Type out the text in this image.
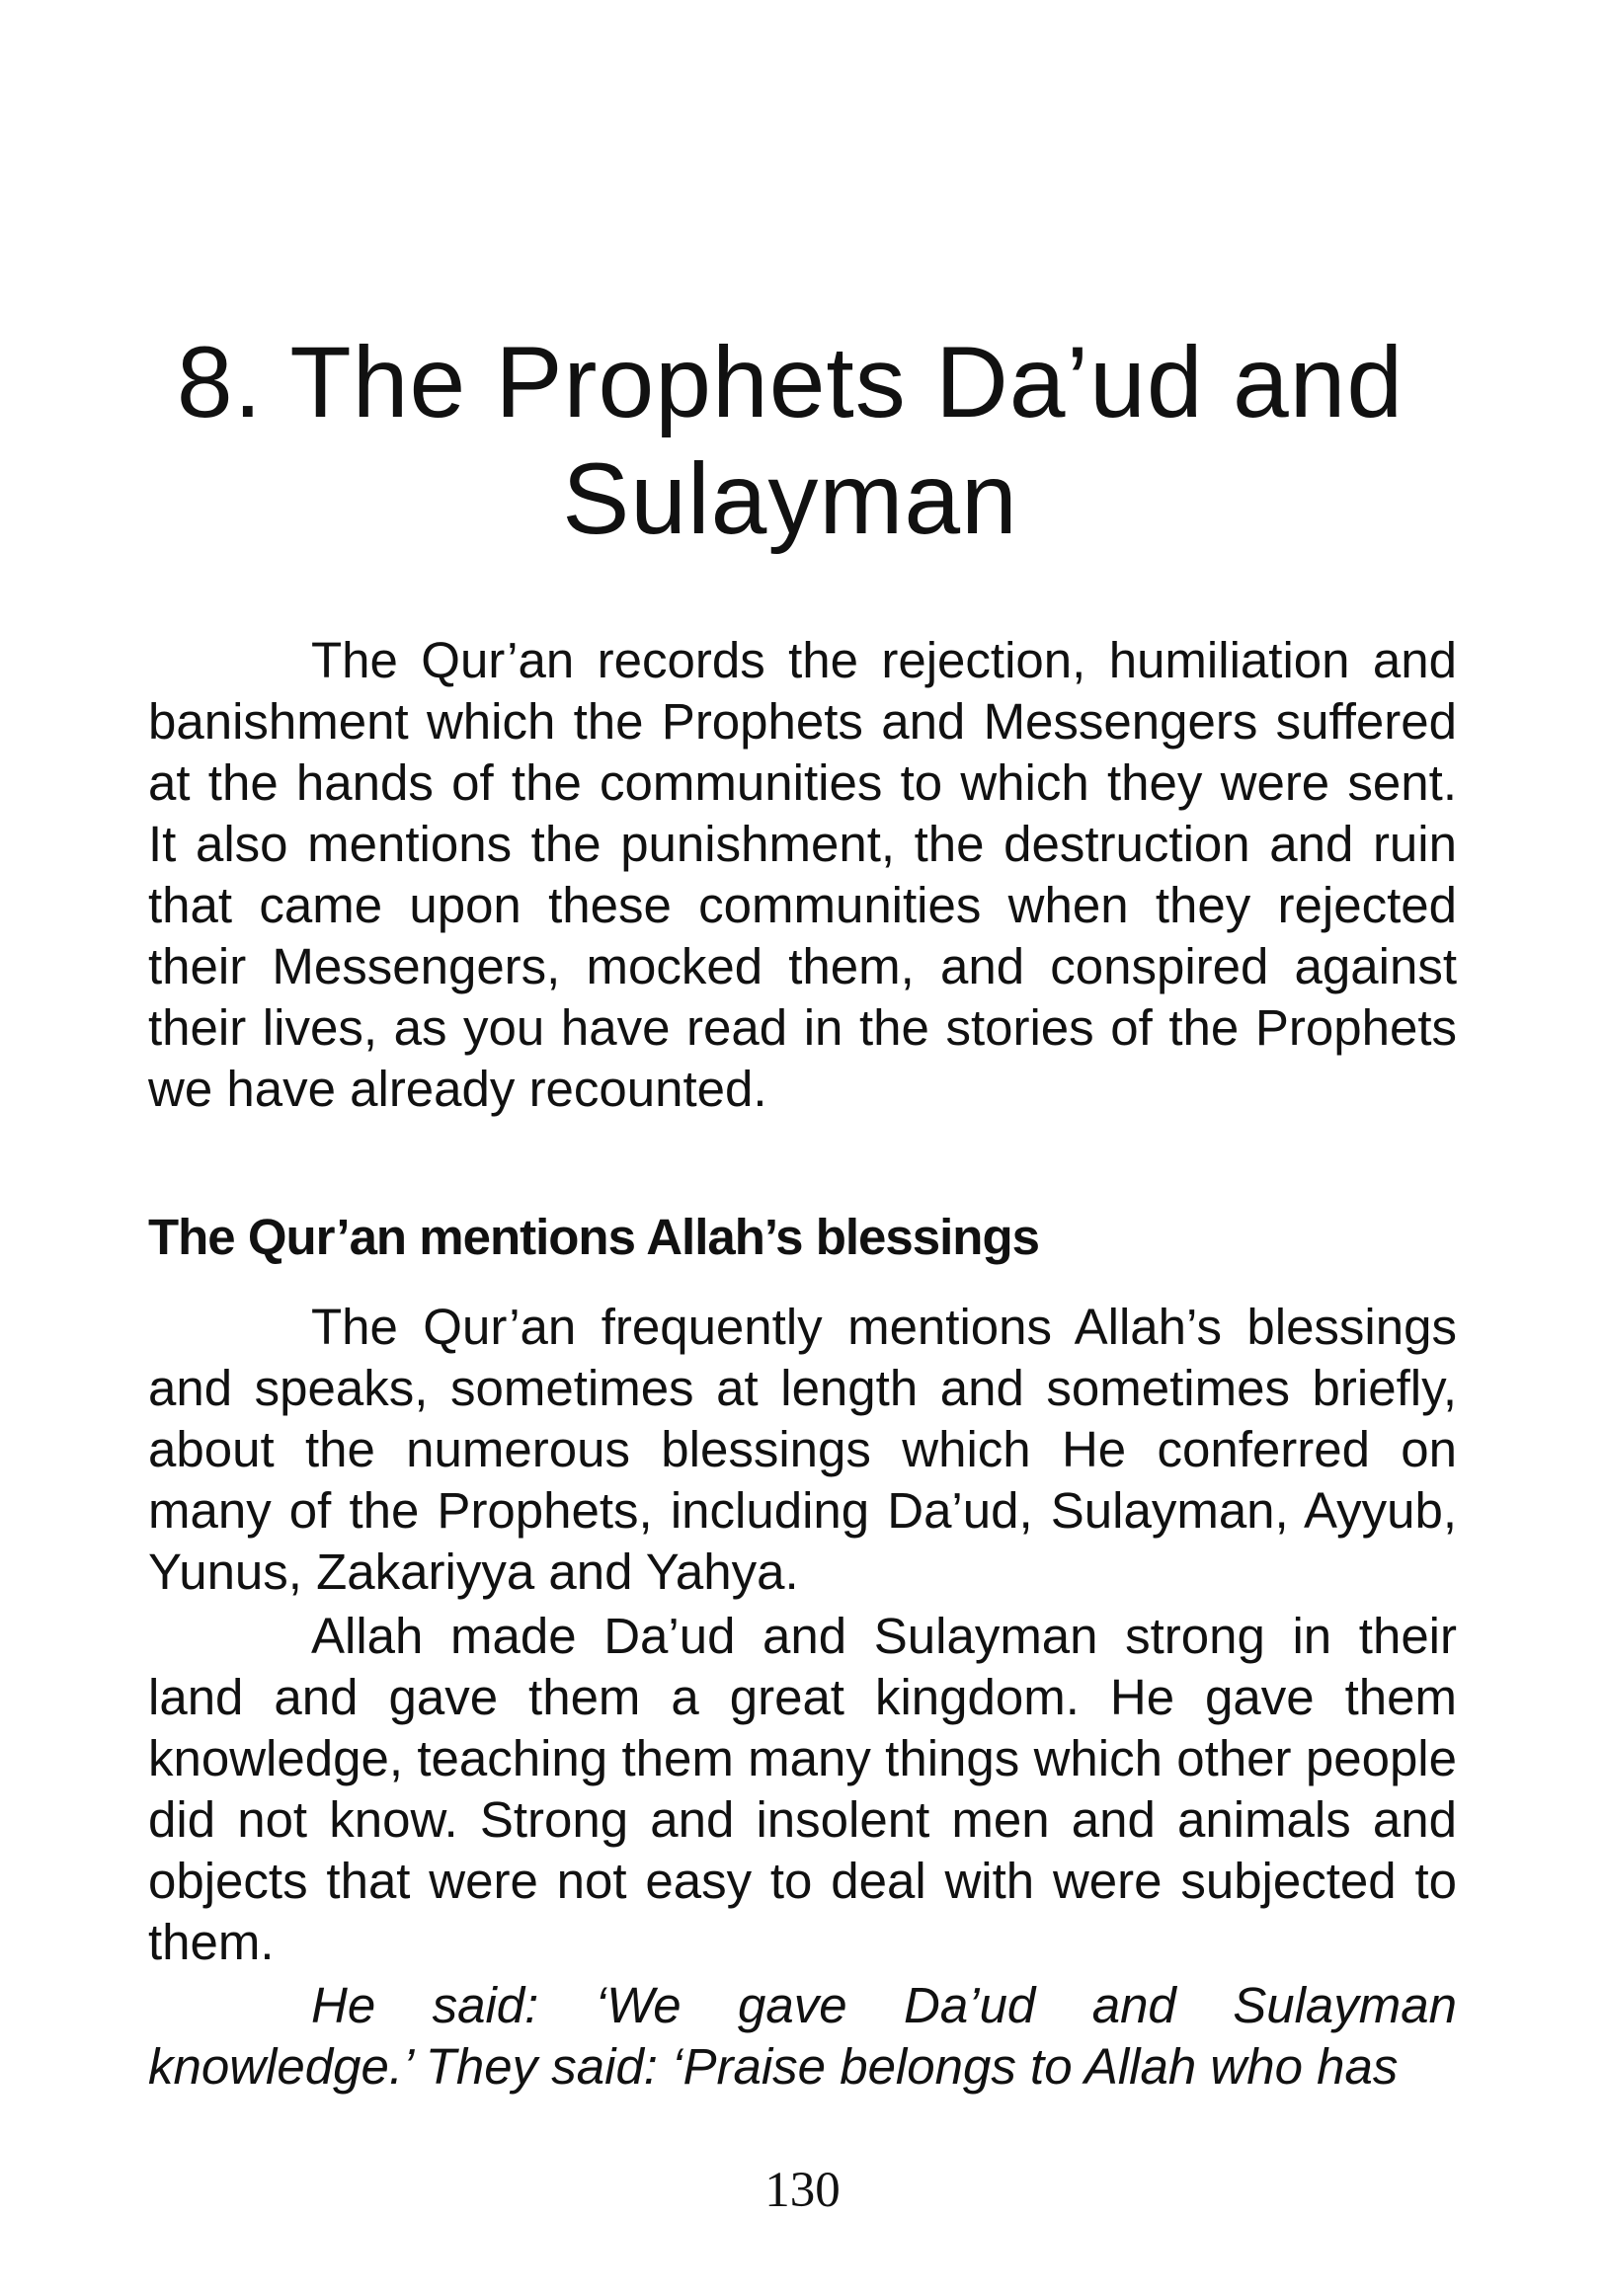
8. The Prophets Da’ud and
Sulayman

The Qur’an records the rejection, humiliation and banishment which the Prophets and Messengers suffered at the hands of the communities to which they were sent. It also mentions the punishment, the destruction and ruin that came upon these communities when they rejected their Messengers, mocked them, and conspired against their lives, as you have read in the stories of the Prophets we have already recounted.

The Qur’an mentions Allah’s blessings

The Qur’an frequently mentions Allah’s blessings and speaks, sometimes at length and sometimes briefly, about the numerous blessings which He conferred on many of the Prophets, including Da’ud, Sulayman, Ayyub, Yunus, Zakariyya and Yahya.

Allah made Da’ud and Sulayman strong in their land and gave them a great kingdom. He gave them knowledge, teaching them many things which other people did not know. Strong and insolent men and animals and objects that were not easy to deal with were subjected to them.

He said: ‘We gave Da’ud and Sulayman knowledge.’ They said: ‘Praise belongs to Allah who has

130
